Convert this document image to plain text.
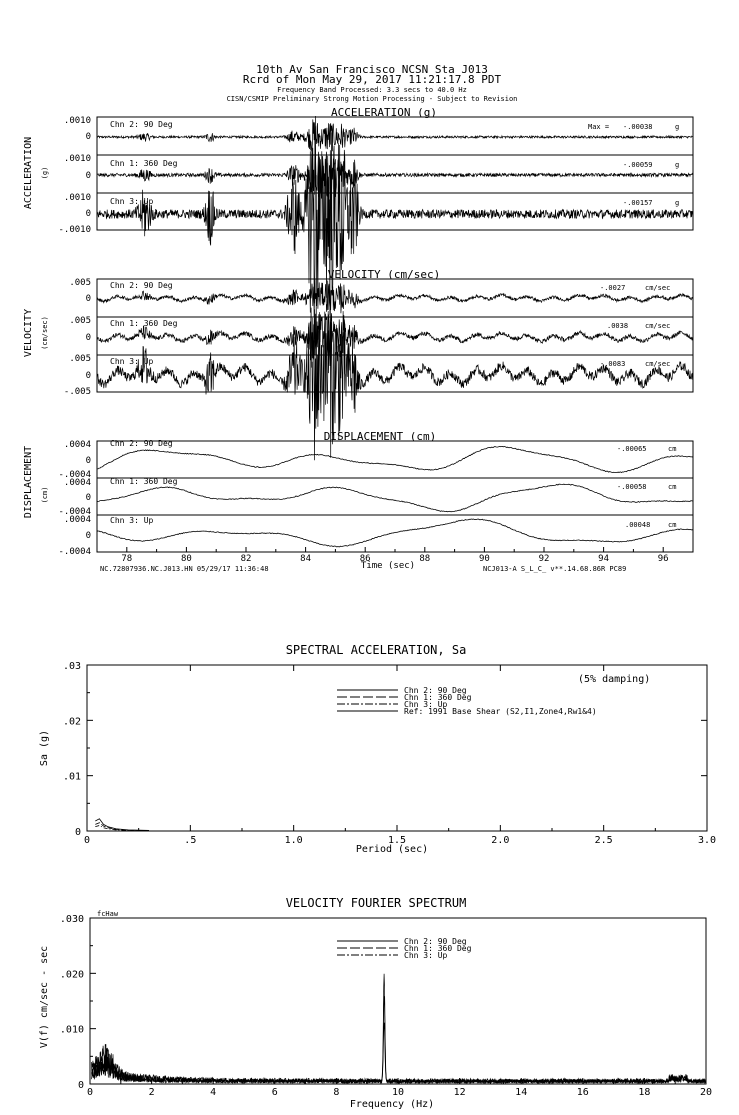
10th Av San Francisco NCSN Sta J013
Rcrd of Mon May 29, 2017 11:21:17.8 PDT
Frequency Band Processed: 3.3 secs to 40.0 Hz
CISN/CSMIP Preliminary Strong Motion Processing - Subject to Revision
ACCELERATION (g)
ACCELERATION (g)
.0010
0
.0010
0
.0010
0
-.0010
Chn 2: 90 Deg
Chn 1: 360 Deg
Chn 3: Up
Max = -.00038	g
-.00059	g
-.00157	g
VELOCITY (cm/sec)
VELOCITY (cm/sec)
.005
0
.005
0
.005
0
-.005
Chn 2: 90 Deg
Chn 1: 360 Deg
Chn 3: Up
-.0027	cm/sec
.0038 cm/sec
-.0083	cm/sec
DISPLACEMENT (cm)
DISPLACEMENT (cm)
.0004
0
-.0004
.0004
0
-.0004
.0004
0
-.0004
Chn 2: 90 Deg
Chn 1: 360 Deg
Chn 3: Up
-.00065	cm
-.00058	cm
.00048	cm
78	80	82	84	86	88	90	92	94	96
Time (sec)
NC.72807936.NC.J013.HN 05/29/17 11:36:48	NCJ013-A S_L_C_ v**.14.68.86R PC89
SPECTRAL ACCELERATION, Sa
Sa (g)
0	.5	1.0	1.5	2.0	2.5	3.0
0
.01
.02
.03
Period (sec)
(5% damping)
Chn 2: 90 Deg
Chn 1: 360 Deg
Chn 3: Up
Ref: 1991 Base Shear (S2,I1,Zone4,Rw1&4)
VELOCITY FOURIER SPECTRUM
V(f) cm/sec - sec
fcHaw
0	2	4	6	8	10	12	14	16	18	20
0
.010
.020
.030
Frequency (Hz)
Chn 2: 90 Deg
Chn 1: 360 Deg
Chn 3: Up
